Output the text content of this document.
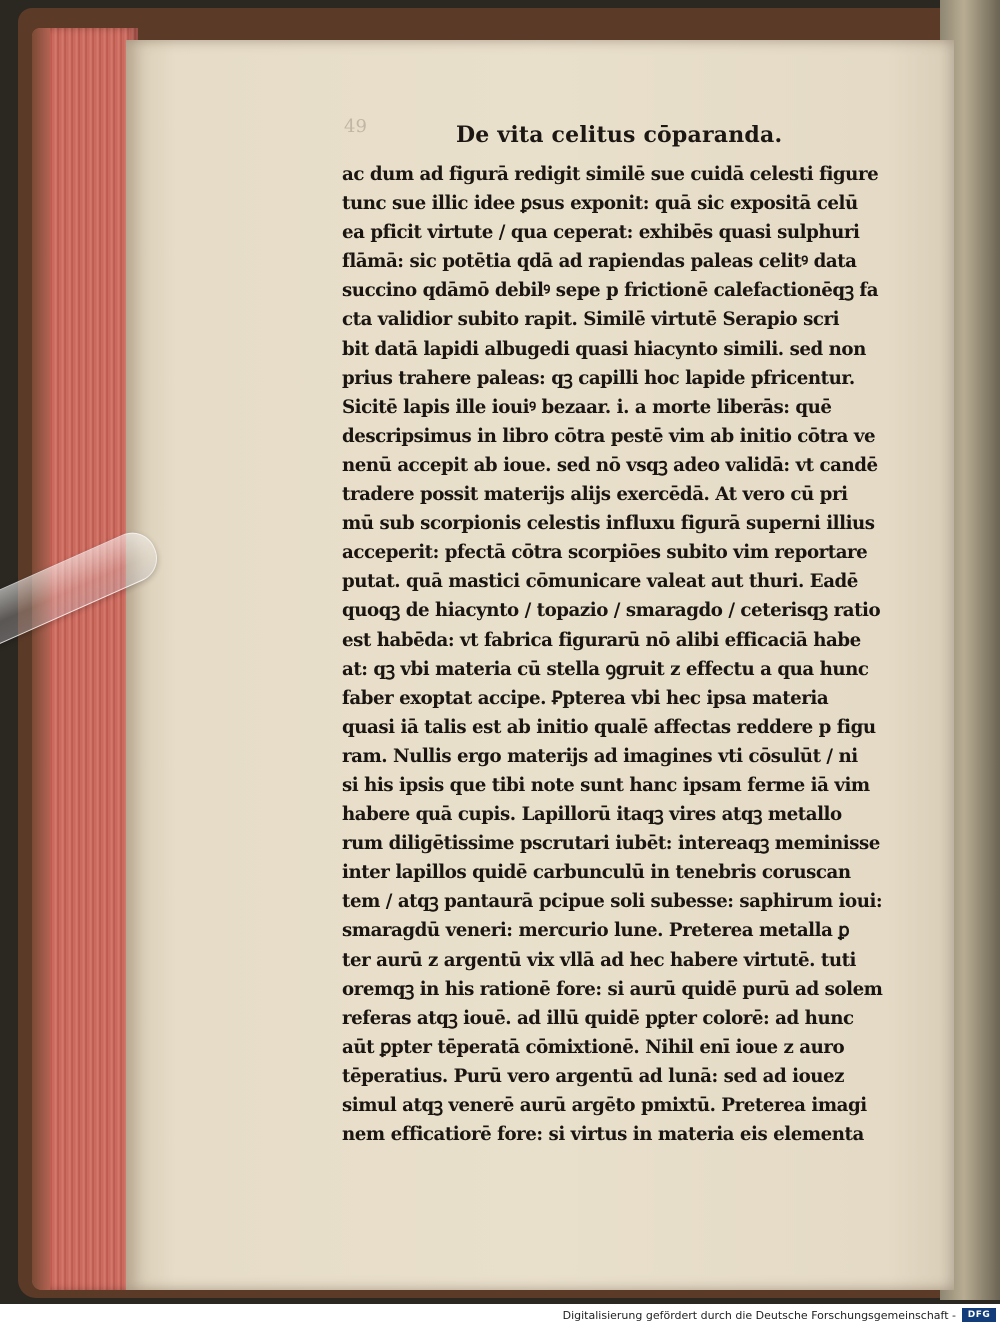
49	De vita celitus cōparanda.
ac dum ad figurā redigit similē sue cuidā celesti figure
tunc sue illic idee ꝑsus exponit: quā sic expositā celū
ea pficit virtute / qua ceperat: exhibēs quasi sulphuri
flāmā: sic potētia qdā ad rapiendas paleas celitꝰ data
succino qdāmō debilꝰ sepe p frictionē calefactionēqꝫ fa
cta validior subito rapit. Similē virtutē Serapio scri
bit datā lapidi albugedi quasi hiacynto simili. sed non
prius trahere paleas: qꝫ capilli hoc lapide pfricentur.
Sicitē lapis ille iouiꝰ bezaar. i. a morte liberās: quē
descripsimus in libro cōtra pestē vim ab initio cōtra ve
nenū accepit ab ioue. sed nō vsqꝫ adeo validā: vt candē
tradere possit materijs alijs exercēdā. At vero cū pri
mū sub scorpionis celestis influxu figurā superni illius
acceperit: pfectā cōtra scorpiōes subito vim reportare
putat. quā mastici cōmunicare valeat aut thuri. Eadē
quoqꝫ de hiacynto / topazio / smaragdo / ceterisqꝫ ratio
est habēda: vt fabrica figurarū nō alibi efficaciā habe
at: qꝫ vbi materia cū stella ꝯgruit z effectu a qua hunc
faber exoptat accipe. Ꝑpterea vbi hec ipsa materia
quasi iā talis est ab initio qualē affectas reddere p figu
ram. Nullis ergo materijs ad imagines vti cōsulūt / ni
si his ipsis que tibi note sunt hanc ipsam ferme iā vim
habere quā cupis. Lapillorū itaqꝫ vires atqꝫ metallo
rum diligētissime pscrutari iubēt: intereaqꝫ meminisse
inter lapillos quidē carbunculū in tenebris coruscan
tem / atqꝫ pantaurā pcipue soli subesse: saphirum ioui:
smaragdū veneri: mercurio lune. Preterea metalla ꝑ
ter aurū z argentū vix vllā ad hec habere virtutē. tuti
oremqꝫ in his rationē fore: si aurū quidē purū ad solem
referas atqꝫ iouē. ad illū quidē pꝑter colorē: ad hunc
aūt ꝑpter tēperatā cōmixtionē. Nihil enī ioue z auro
tēperatius. Purū vero argentū ad lunā: sed ad iouez
simul atqꝫ venerē aurū argēto pmixtū. Preterea imagi
nem efficatiorē fore: si virtus in materia eis elementa
Digitalisierung gefördert durch die Deutsche Forschungsgemeinschaft -	DFG
